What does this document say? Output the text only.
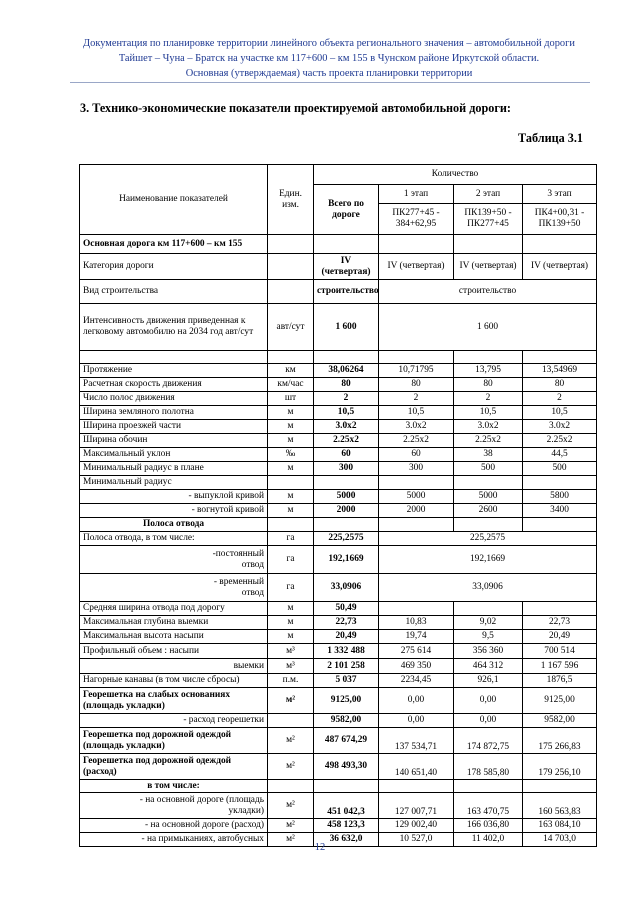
Документация по планировке территории линейного объекта регионального значения – автомобильной дороги
Тайшет – Чуна – Братск на участке км 117+600 – км 155 в Чунском районе Иркутской области.
Основная (утверждаемая) часть проекта планировки территории
3. Технико-экономические показатели проектируемой автомобильной дороги:
Таблица 3.1
Наименование показателей	Един. изм.	Количество			
		Всего по дороге	1 этап	2 этап	3 этап
			ПК277+45 - 384+62,95	ПК139+50 - ПК277+45	ПК4+00,31 - ПК139+50
Основная дорога км 117+600 – км 155					
Категория дороги		IV (четвертая)	IV (четвертая)	IV (четвертая)	IV (четвертая)
Вид строительства		строительство	строительство		
Интенсивность движения приведенная к легковому автомобилю на 2034 год авт/сут	авт/сут	1 600	1 600		

Протяжение	км	38,06264	10,71795	13,795	13,54969
Расчетная скорость движения	км/час	80	80	80	80
Число полос движения	шт	2	2	2	2
Ширина земляного полотна	м	10,5	10,5	10,5	10,5
Ширина проезжей части	м	3.0х2	3.0х2	3.0х2	3.0х2
Ширина обочин	м	2.25х2	2.25х2	2.25х2	2.25х2
Максимальный уклон	‰	60	60	38	44,5
Минимальный радиус в плане	м	300	300	500	500
Минимальный радиус					
- выпуклой кривой	м	5000	5000	5000	5800
- вогнутой кривой	м	2000	2000	2600	3400
Полоса отвода					
Полоса отвода, в том числе:	га	225,2575	225,2575		
-постоянный отвод	га	192,1669	192,1669		
- временный отвод	га	33,0906	33,0906		
Средняя ширина отвода под дорогу	м	50,49			
Максимальная глубина выемки	м	22,73	10,83	9,02	22,73
Максимальная высота насыпи	м	20,49	19,74	9,5	20,49
Профильный объем : насыпи	м³	1 332 488	275 614	356 360	700 514
выемки	м³	2 101 258	469 350	464 312	1 167 596
Нагорные канавы (в том числе сбросы)	п.м.	5 037	2234,45	926,1	1876,5
Георешетка на слабых основаниях (площадь укладки)	м²	9125,00	0,00	0,00	9125,00
- расход георешетки		9582,00	0,00	0,00	9582,00
Георешетка под дорожной одеждой (площадь укладки)	м²	487 674,29	137 534,71	174 872,75	175 266,83
Георешетка под дорожной одеждой (расход)	м²	498 493,30	140 651,40	178 585,80	179 256,10
в том числе:					
- на основной дороге (площадь укладки)	м²	451 042,3	127 007,71	163 470,75	160 563,83
- на основной дороге (расход)	м²	458 123,3	129 002,40	166 036,80	163 084,10
- на примыканиях, автобусных	м²	36 632,0	10 527,0	11 402,0	14 703,0
12
